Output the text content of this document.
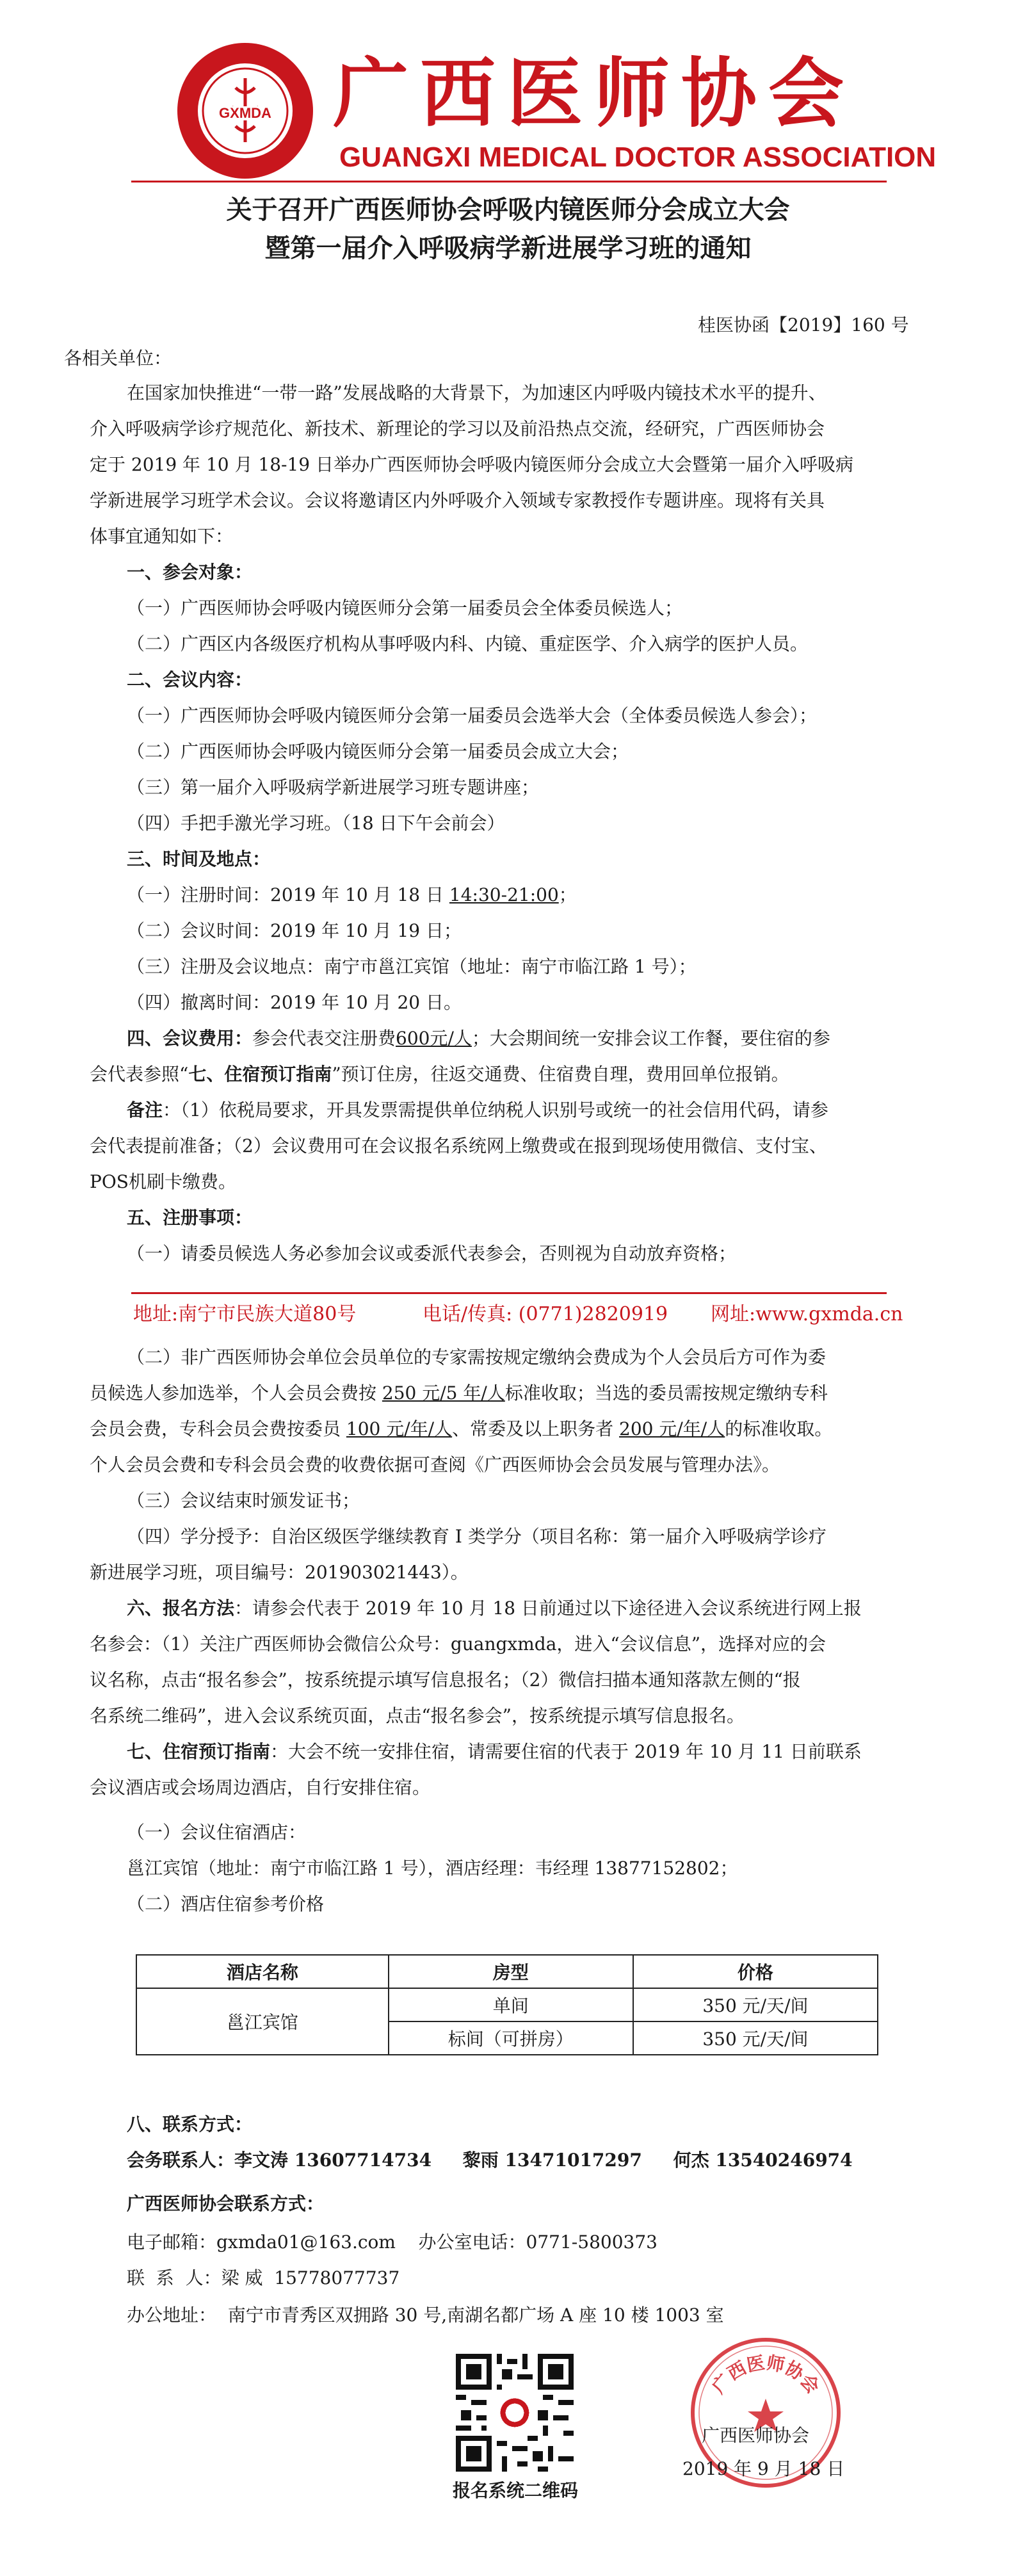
GXMDA 广西医师协会
GUANGXI MEDICAL DOCTOR ASSOCIATION
关于召开广西医师协会呼吸内镜医师分会成立大会
暨第一届介入呼吸病学新进展学习班的通知
桂医协函【2019】160 号
各相关单位：
在国家加快推进“一带一路”发展战略的大背景下，为加速区内呼吸内镜技术水平的提升、
介入呼吸病学诊疗规范化、新技术、新理论的学习以及前沿热点交流，经研究，广西医师协会
定于 2019 年 10 月 18-19 日举办广西医师协会呼吸内镜医师分会成立大会暨第一届介入呼吸病
学新进展学习班学术会议。会议将邀请区内外呼吸介入领域专家教授作专题讲座。现将有关具
体事宜通知如下：
一、参会对象：
（一）广西医师协会呼吸内镜医师分会第一届委员会全体委员候选人；
（二）广西区内各级医疗机构从事呼吸内科、内镜、重症医学、介入病学的医护人员。
二、会议内容：
（一）广西医师协会呼吸内镜医师分会第一届委员会选举大会（全体委员候选人参会）；
（二）广西医师协会呼吸内镜医师分会第一届委员会成立大会；
（三）第一届介入呼吸病学新进展学习班专题讲座；
（四）手把手激光学习班。（18 日下午会前会）
三、时间及地点：
（一）注册时间：2019 年 10 月 18 日 14:30-21:00；
（二）会议时间：2019 年 10 月 19 日；
（三）注册及会议地点：南宁市邕江宾馆（地址：南宁市临江路 1 号）；
（四）撤离时间：2019 年 10 月 20 日。
四、会议费用：参会代表交注册费600元/人；大会期间统一安排会议工作餐，要住宿的参
会代表参照“七、住宿预订指南”预订住房，往返交通费、住宿费自理，费用回单位报销。
备注：（1）依税局要求，开具发票需提供单位纳税人识别号或统一的社会信用代码，请参
会代表提前准备；（2）会议费用可在会议报名系统网上缴费或在报到现场使用微信、支付宝、
POS机刷卡缴费。
五、注册事项：
（一）请委员候选人务必参加会议或委派代表参会，否则视为自动放弃资格；
地址:南宁市民族大道80号	电话/传真: (0771)2820919 网址:www.gxmda.cn
（二）非广西医师协会单位会员单位的专家需按规定缴纳会费成为个人会员后方可作为委
员候选人参加选举，个人会员会费按 250 元/5 年/人标准收取；当选的委员需按规定缴纳专科
会员会费，专科会员会费按委员 100 元/年/人、常委及以上职务者 200 元/年/人的标准收取。
个人会员会费和专科会员会费的收费依据可查阅《广西医师协会会员发展与管理办法》。
（三）会议结束时颁发证书；
（四）学分授予：自治区级医学继续教育 I 类学分（项目名称：第一届介入呼吸病学诊疗
新进展学习班，项目编号：201903021443）。
六、报名方法：请参会代表于 2019 年 10 月 18 日前通过以下途径进入会议系统进行网上报
名参会：（1）关注广西医师协会微信公众号：guangxmda，进入“会议信息”，选择对应的会
议名称，点击“报名参会”，按系统提示填写信息报名；（2）微信扫描本通知落款左侧的“报
名系统二维码”，进入会议系统页面，点击“报名参会”，按系统提示填写信息报名。
七、住宿预订指南：大会不统一安排住宿，请需要住宿的代表于 2019 年 10 月 11 日前联系
会议酒店或会场周边酒店，自行安排住宿。
（一）会议住宿酒店：
邕江宾馆（地址：南宁市临江路 1 号），酒店经理：韦经理 13877152802；
（二）酒店住宿参考价格
酒店名称	房型	价格
邕江宾馆	单间	350 元/天/间
	标间（可拼房）	350 元/天/间
八、联系方式：
会务联系人：李文涛 13607714734     黎雨 13471017297     何杰 13540246974
广西医师协会联系方式：
电子邮箱：gxmda01@163.com    办公室电话：0771-5800373
联  系  人：梁 威  15778077737
办公地址：  南宁市青秀区双拥路 30 号,南湖名都广场 A 座 10 楼 1003 室
报名系统二维码
广西医师协会
广西医师协会
2019 年 9 月 18 日
